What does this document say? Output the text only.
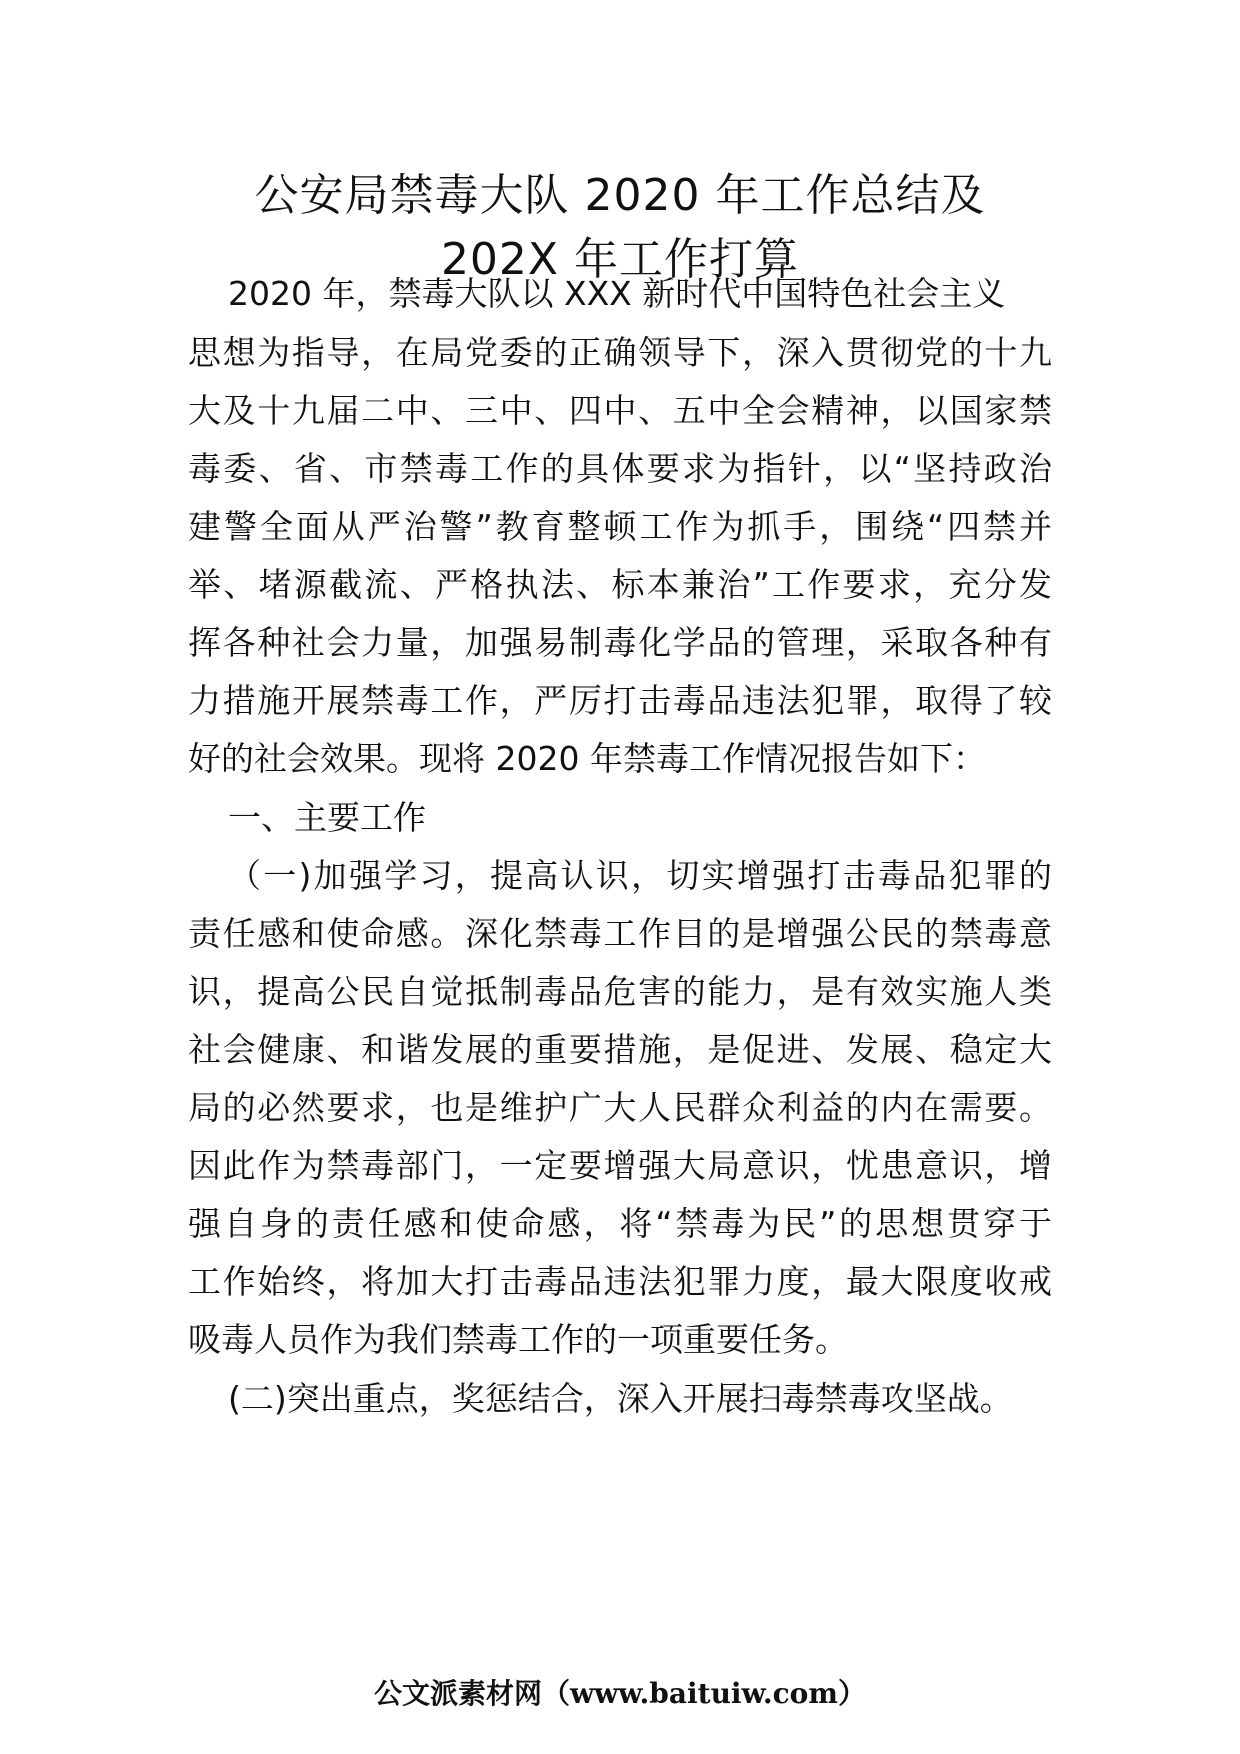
公安局禁毒大队 2020 年工作总结及
202X 年工作打算
2020 年，禁毒大队以 XXX 新时代中国特色社会主义
思想为指导，在局党委的正确领导下，深入贯彻党的十九
大及十九届二中、三中、四中、五中全会精神，以国家禁
毒委、省、市禁毒工作的具体要求为指针，以“坚持政治
建警全面从严治警”教育整顿工作为抓手，围绕“四禁并
举、堵源截流、严格执法、标本兼治”工作要求，充分发
挥各种社会力量，加强易制毒化学品的管理，采取各种有
力措施开展禁毒工作，严厉打击毒品违法犯罪，取得了较
好的社会效果。现将 2020 年禁毒工作情况报告如下：
一、主要工作
（一)加强学习，提高认识，切实增强打击毒品犯罪的
责任感和使命感。深化禁毒工作目的是增强公民的禁毒意
识，提高公民自觉抵制毒品危害的能力，是有效实施人类
社会健康、和谐发展的重要措施，是促进、发展、稳定大
局的必然要求，也是维护广大人民群众利益的内在需要。
因此作为禁毒部门，一定要增强大局意识，忧患意识，增
强自身的责任感和使命感，将“禁毒为民”的思想贯穿于
工作始终，将加大打击毒品违法犯罪力度，最大限度收戒
吸毒人员作为我们禁毒工作的一项重要任务。
(二)突出重点，奖惩结合，深入开展扫毒禁毒攻坚战。
公文派素材网（www.baituiw.com）
